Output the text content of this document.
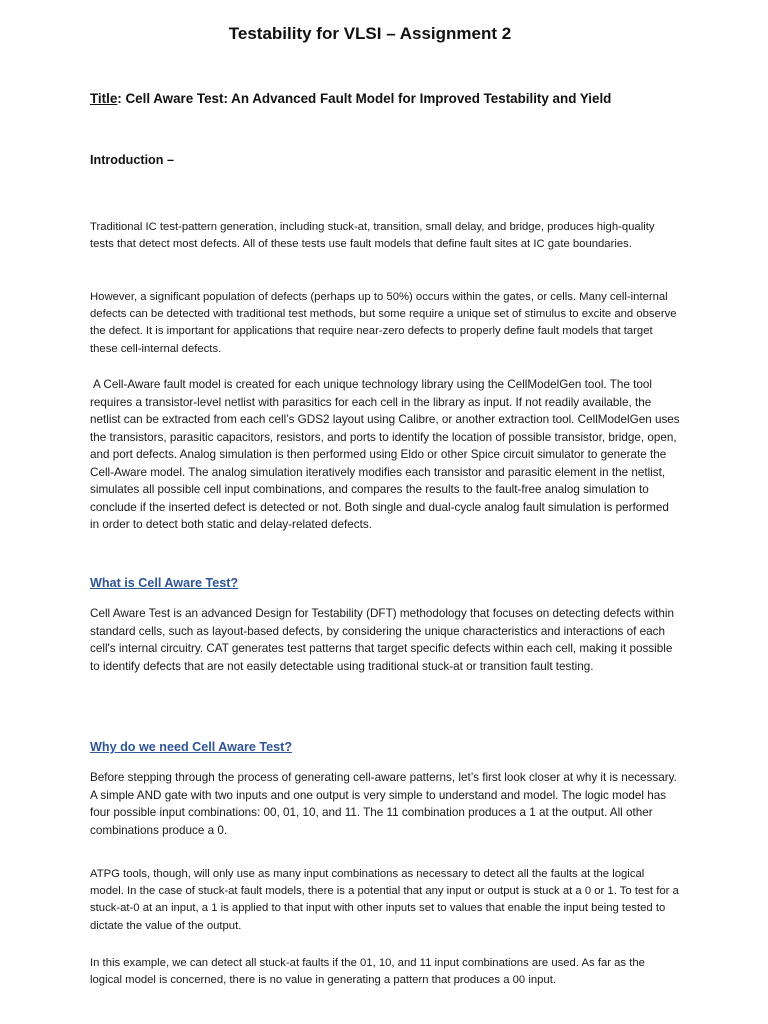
Testability for VLSI – Assignment 2
Title: Cell Aware Test: An Advanced Fault Model for Improved Testability and Yield
Introduction –

Traditional IC test-pattern generation, including stuck-at, transition, small delay, and bridge, produces high-quality tests that detect most defects. All of these tests use fault models that define fault sites at IC gate boundaries.

However, a significant population of defects (perhaps up to 50%) occurs within the gates, or cells. Many cell-internal defects can be detected with traditional test methods, but some require a unique set of stimulus to excite and observe the defect. It is important for applications that require near-zero defects to properly define fault models that target these cell-internal defects.

A Cell-Aware fault model is created for each unique technology library using the CellModelGen tool. The tool requires a transistor-level netlist with parasitics for each cell in the library as input. If not readily available, the netlist can be extracted from each cell’s GDS2 layout using Calibre, or another extraction tool. CellModelGen uses the transistors, parasitic capacitors, resistors, and ports to identify the location of possible transistor, bridge, open, and port defects. Analog simulation is then performed using Eldo or other Spice circuit simulator to generate the Cell-Aware model. The analog simulation iteratively modifies each transistor and parasitic element in the netlist, simulates all possible cell input combinations, and compares the results to the fault-free analog simulation to conclude if the inserted defect is detected or not. Both single and dual-cycle analog fault simulation is performed in order to detect both static and delay-related defects.

What is Cell Aware Test?

Cell Aware Test is an advanced Design for Testability (DFT) methodology that focuses on detecting defects within standard cells, such as layout-based defects, by considering the unique characteristics and interactions of each cell's internal circuitry. CAT generates test patterns that target specific defects within each cell, making it possible to identify defects that are not easily detectable using traditional stuck-at or transition fault testing.

Why do we need Cell Aware Test?

Before stepping through the process of generating cell-aware patterns, let’s first look closer at why it is necessary. A simple AND gate with two inputs and one output is very simple to understand and model. The logic model has four possible input combinations: 00, 01, 10, and 11. The 11 combination produces a 1 at the output. All other combinations produce a 0.

ATPG tools, though, will only use as many input combinations as necessary to detect all the faults at the logical model. In the case of stuck-at fault models, there is a potential that any input or output is stuck at a 0 or 1. To test for a stuck-at-0 at an input, a 1 is applied to that input with other inputs set to values that enable the input being tested to dictate the value of the output.

In this example, we can detect all stuck-at faults if the 01, 10, and 11 input combinations are used. As far as the logical model is concerned, there is no value in generating a pattern that produces a 00 input.
